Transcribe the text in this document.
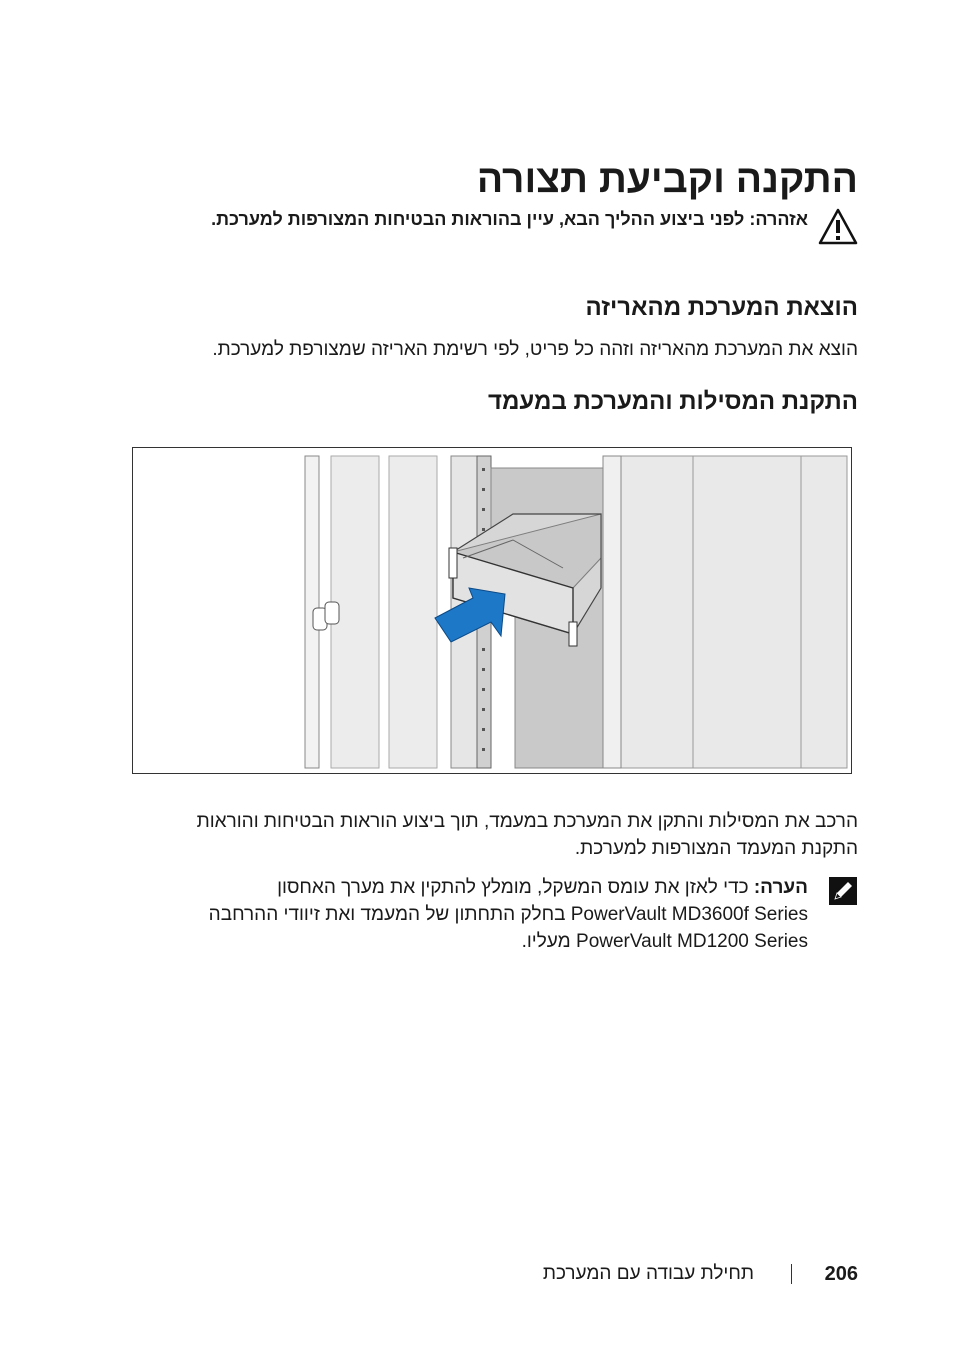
התקנה וקביעת תצורה
אזהרה: לפני ביצוע ההליך הבא, עיין בהוראות הבטיחות המצורפות למערכת.
הוצאת המערכת מהאריזה

הוצא את המערכת מהאריזה וזהה כל פריט, לפי רשימת האריזה שמצורפת למערכת.

התקנת המסילות והמערכת במעמד

הרכב את המסילות והתקן את המערכת במעמד, תוך ביצוע הוראות הבטיחות והוראות התקנת המעמד המצורפות למערכת.

הערה: כדי לאזן את עומס המשקל, מומלץ להתקין את מערך האחסון PowerVault MD3600f Series בחלק התחתון של המעמד ואת זיוודי ההרחבה PowerVault MD1200 Series מעליו.
206
תחילת עבודה עם המערכת
